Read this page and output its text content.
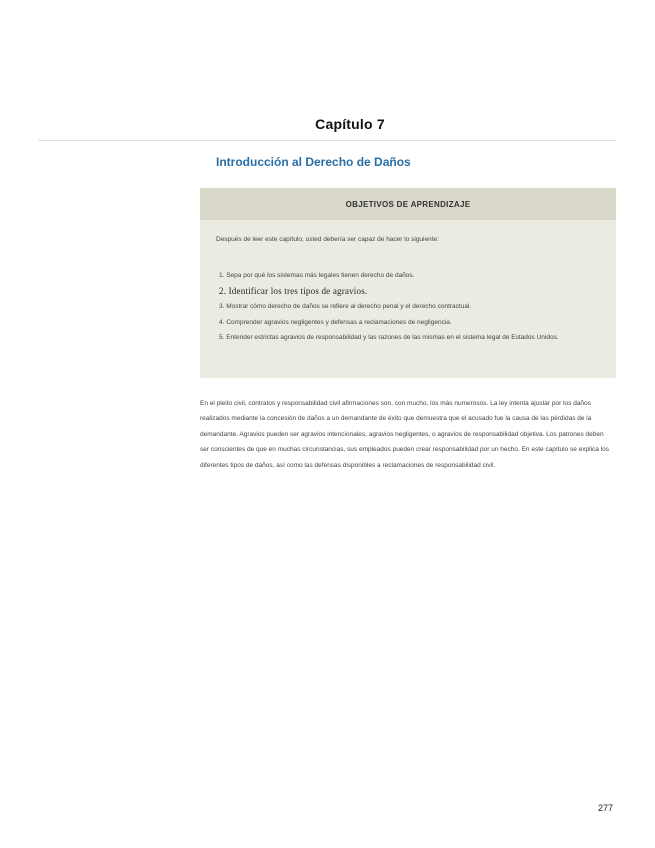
Capítulo 7
Introducción al Derecho de Daños
OBJETIVOS DE APRENDIZAJE
Después de leer este capítulo, usted debería ser capaz de hacer lo siguiente:
1. Sepa por qué los sistemas más legales tienen derecho de daños.
2. Identificar los tres tipos de agravios.
3. Mostrar cómo derecho de daños se refiere al derecho penal y el derecho contractual.
4. Comprender agravios negligentes y defensas a reclamaciones de negligencia.
5. Entender estrictas agravios de responsabilidad y las razones de las mismas en el sistema legal de Estados Unidos.

En el pleito civil, contratos y responsabilidad civil afirmaciones son, con mucho, los más numerosos. La ley intenta ajustar por los daños realizados mediante la concesión de daños a un demandante de éxito que demuestra que el acusado fue la causa de las pérdidas de la demandante. Agravios pueden ser agravios intencionales, agravios negligentes, o agravios de responsabilidad objetiva. Los patrones deben ser conscientes de que en muchas circunstancias, sus empleados pueden crear responsabilidad por un hecho. En este capítulo se explica los diferentes tipos de daños, así como las defensas disponibles a reclamaciones de responsabilidad civil.

277
